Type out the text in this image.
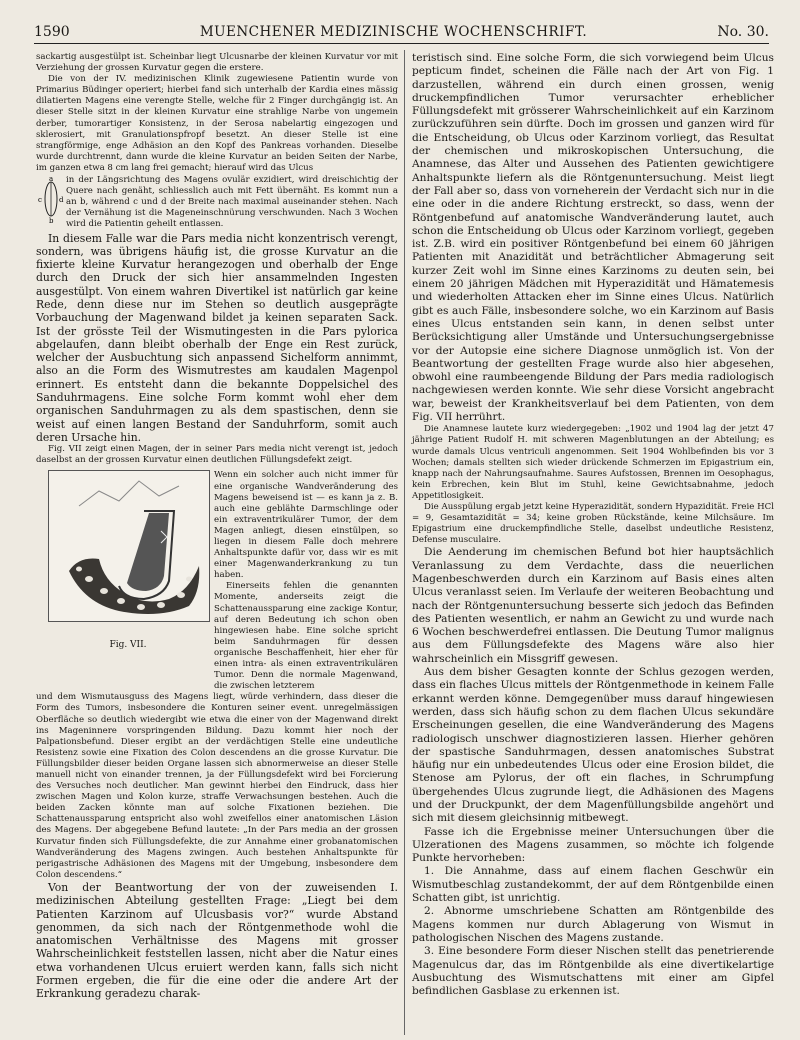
1590	MUENCHENER MEDIZINISCHE WOCHENSCHRIFT.	No. 30.

sackartig ausgestülpt ist. Scheinbar liegt Ulcusnarbe der kleinen Kurvatur vor mit Verziehung der grossen Kurvatur gegen die erstere.

Die von der IV. medizinischen Klinik zugewiesene Patientin wurde von Primarius Büdinger operiert; hierbei fand sich unterhalb der Kardia eines mässig dilatierten Magens eine verengte Stelle, welche für 2 Finger durchgängig ist. An dieser Stelle sitzt in der kleinen Kurvatur eine strahlige Narbe von ungemein derber, tumorartiger Konsistenz, in der Serosa nabelartig eingezogen und sklerosiert, mit Granulationspfropf besetzt. An dieser Stelle ist eine strangförmige, enge Adhäsion an den Kopf des Pankreas vorhanden. Dieselbe wurde durchtrennt, dann wurde die kleine Kurvatur an beiden Seiten der Narbe, im ganzen etwa 8 cm lang frei gemacht; hierauf wird das Ulcus

a
b
c d
in der Längsrichtung des Magens ovulär exzidiert, wird dreischichtig der Quere nach genäht, schliesslich auch mit Fett übernäht. Es kommt nun a an b, während c und d der Breite nach maximal auseinander stehen. Nach der Vernähung ist die Mageneinschnürung verschwunden. Nach 3 Wochen wird die Patientin geheilt entlassen.

In diesem Falle war die Pars media nicht konzentrisch verengt, sondern, was übrigens häufig ist, die grosse Kurvatur an die fixierte kleine Kurvatur herangezogen und oberhalb der Enge durch den Druck der sich hier ansammelnden Ingesten ausgestülpt. Von einem wahren Divertikel ist natürlich gar keine Rede, denn diese nur im Stehen so deutlich ausgeprägte Vorbauchung der Magenwand bildet ja keinen separaten Sack. Ist der grösste Teil der Wismutingesten in die Pars pylorica abgelaufen, dann bleibt oberhalb der Enge ein Rest zurück, welcher der Ausbuchtung sich anpassend Sichelform annimmt, also an die Form des Wismutrestes am kaudalen Magenpol erinnert. Es entsteht dann die bekannte Doppelsichel des Sanduhrmagens. Eine solche Form kommt wohl eher dem organischen Sanduhrmagen zu als dem spastischen, denn sie weist auf einen langen Bestand der Sanduhrform, somit auch deren Ursache hin.

Fig. VII zeigt einen Magen, der in seiner Pars media nicht verengt ist, jedoch daselbst an der grossen Kurvatur einen deutlichen Füllungsdefekt zeigt.

Fig. VII.

Wenn ein solcher auch nicht immer für eine organische Wandveränderung des Magens beweisend ist — es kann ja z. B. auch eine geblähte Darmschlinge oder ein extraventrikulärer Tumor, der dem Magen anliegt, diesen einstülpen, so liegen in diesem Falle doch mehrere Anhaltspunkte dafür vor, dass wir es mit einer Magenwanderkrankung zu tun haben.

Einerseits fehlen die genannten Momente, anderseits zeigt die Schattenaussparung eine zackige Kontur, auf deren Bedeutung ich schon oben hingewiesen habe. Eine solche spricht beim Sanduhrmagen für dessen organische Beschaffenheit, hier eher für einen intra- als einen extraventrikulären Tumor. Denn die normale Magenwand, die zwischen letzterem

und dem Wismutausguss des Magens liegt, würde verhindern, dass dieser die Form des Tumors, insbesondere die Konturen seiner event. unregelmässigen Oberfläche so deutlich wiedergibt wie etwa die einer von der Magenwand direkt ins Mageninnere vorspringenden Bildung. Dazu kommt hier noch der Palpationsbefund. Dieser ergibt an der verdächtigen Stelle eine undeutliche Resistenz sowie eine Fixation des Colon descendens an die grosse Kurvatur. Die Füllungsbilder dieser beiden Organe lassen sich abnormerweise an dieser Stelle manuell nicht von einander trennen, ja der Füllungsdefekt wird bei Forcierung des Versuches noch deutlicher. Man gewinnt hierbei den Eindruck, dass hier zwischen Magen und Kolon kurze, straffe Verwachsungen bestehen. Auch die beiden Zacken könnte man auf solche Fixationen beziehen. Die Schattenaussparung entspricht also wohl zweifellos einer anatomischen Läsion des Magens. Der abgegebene Befund lautete: „In der Pars media an der grossen Kurvatur finden sich Füllungsdefekte, die zur Annahme einer grobanatomischen Wandveränderung des Magens zwingen. Auch bestehen Anhaltspunkte für perigastrische Adhäsionen des Magens mit der Umgebung, insbesondere dem Colon descendens.“

Von der Beantwortung der von der zuweisenden I. medizinischen Abteilung gestellten Frage: „Liegt bei dem Patienten Karzinom auf Ulcusbasis vor?“ wurde Abstand genommen, da sich nach der Röntgenmethode wohl die anatomischen Verhältnisse des Magens mit grosser Wahrscheinlichkeit feststellen lassen, nicht aber die Natur eines etwa vorhandenen Ulcus eruiert werden kann, falls sich nicht Formen ergeben, die für die eine oder die andere Art der Erkrankung geradezu charak-

teristisch sind. Eine solche Form, die sich vorwiegend beim Ulcus pepticum findet, scheinen die Fälle nach der Art von Fig. 1 darzustellen, während ein durch einen grossen, wenig druckempfindlichen Tumor verursachter erheblicher Füllungsdefekt mit grösserer Wahrscheinlichkeit auf ein Karzinom zurückzuführen sein dürfte. Doch im grossen und ganzen wird für die Entscheidung, ob Ulcus oder Karzinom vorliegt, das Resultat der chemischen und mikroskopischen Untersuchung, die Anamnese, das Alter und Aussehen des Patienten gewichtigere Anhaltspunkte liefern als die Röntgenuntersuchung. Meist liegt der Fall aber so, dass von vorneherein der Verdacht sich nur in die eine oder in die andere Richtung erstreckt, so dass, wenn der Röntgenbefund auf anatomische Wandveränderung lautet, auch schon die Entscheidung ob Ulcus oder Karzinom vorliegt, gegeben ist. Z.B. wird ein positiver Röntgenbefund bei einem 60 jährigen Patienten mit Anazidität und beträchtlicher Abmagerung seit kurzer Zeit wohl im Sinne eines Karzinoms zu deuten sein, bei einem 20 jährigen Mädchen mit Hyperazidität und Hämatemesis und wiederholten Attacken eher im Sinne eines Ulcus. Natürlich gibt es auch Fälle, insbesondere solche, wo ein Karzinom auf Basis eines Ulcus entstanden sein kann, in denen selbst unter Berücksichtigung aller Umstände und Untersuchungsergebnisse vor der Autopsie eine sichere Diagnose unmöglich ist. Von der Beantwortung der gestellten Frage wurde also hier abgesehen, obwohl eine raumbeengende Bildung der Pars media radiologisch nachgewiesen werden konnte. Wie sehr diese Vorsicht angebracht war, beweist der Krankheitsverlauf bei dem Patienten, von dem Fig. VII herrührt.

Die Anamnese lautete kurz wiedergegeben: „1902 und 1904 lag der jetzt 47 jährige Patient Rudolf H. mit schweren Magenblutungen an der Abteilung; es wurde damals Ulcus ventriculi angenommen. Seit 1904 Wohlbefinden bis vor 3 Wochen; damals stellten sich wieder drückende Schmerzen im Epigastrium ein, knapp nach der Nahrungsaufnahme. Saures Aufstossen, Brennen im Oesophagus, kein Erbrechen, kein Blut im Stuhl, keine Gewichtsabnahme, jedoch Appetitlosigkeit.

Die Ausspülung ergab jetzt keine Hyperazidität, sondern Hypazidität. Freie HCl = 9, Gesamtazidität = 34; keine groben Rückstände, keine Milchsäure. Im Epigastrium eine druckempfindliche Stelle, daselbst undeutliche Resistenz, Defense musculaire.

Die Aenderung im chemischen Befund bot hier hauptsächlich Veranlassung zu dem Verdachte, dass die neuerlichen Magenbeschwerden durch ein Karzinom auf Basis eines alten Ulcus veranlasst seien. Im Verlaufe der weiteren Beobachtung und nach der Röntgenuntersuchung besserte sich jedoch das Befinden des Patienten wesentlich, er nahm an Gewicht zu und wurde nach 6 Wochen beschwerdefrei entlassen. Die Deutung Tumor malignus aus dem Füllungsdefekte des Magens wäre also hier wahrscheinlich ein Missgriff gewesen.

Aus dem bisher Gesagten konnte der Schlus gezogen werden, dass ein flaches Ulcus mittels der Röntgenmethode in keinem Falle erkannt werden könne. Demgegenüber muss darauf hingewiesen werden, dass sich häufig schon zu dem flachen Ulcus sekundäre Erscheinungen gesellen, die eine Wandveränderung des Magens radiologisch unschwer diagnostizieren lassen. Hierher gehören der spastische Sanduhrmagen, dessen anatomisches Substrat häufig nur ein unbedeutendes Ulcus oder eine Erosion bildet, die Stenose am Pylorus, der oft ein flaches, in Schrumpfung übergehendes Ulcus zugrunde liegt, die Adhäsionen des Magens und der Druckpunkt, der dem Magenfüllungsbilde angehört und sich mit diesem gleichsinnig mitbewegt.

Fasse ich die Ergebnisse meiner Untersuchungen über die Ulzerationen des Magens zusammen, so möchte ich folgende Punkte hervorheben:

1. Die Annahme, dass auf einem flachen Geschwür ein Wismutbeschlag zustandekommt, der auf dem Röntgenbilde einen Schatten gibt, ist unrichtig.

2. Abnorme umschriebene Schatten am Röntgenbilde des Magens kommen nur durch Ablagerung von Wismut in pathologischen Nischen des Magens zustande.

3. Eine besondere Form dieser Nischen stellt das penetrierende Magenulcus dar, das im Röntgenbilde als eine divertikelartige Ausbuchtung des Wismutschattens mit einer am Gipfel befindlichen Gasblase zu erkennen ist.
